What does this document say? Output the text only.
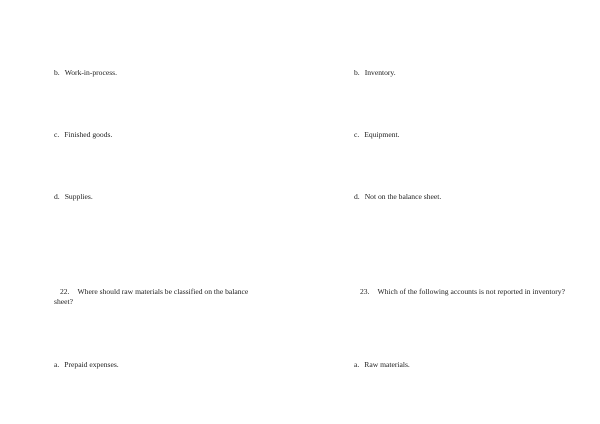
b. Work-in-process.
c. Finished goods.
d. Supplies.
22. Where should raw materials be classified on the balance sheet?
a. Prepaid expenses.
b. Inventory.
c. Equipment.
d. Not on the balance sheet.
23. Which of the following accounts is not reported in inventory?
a. Raw materials.
